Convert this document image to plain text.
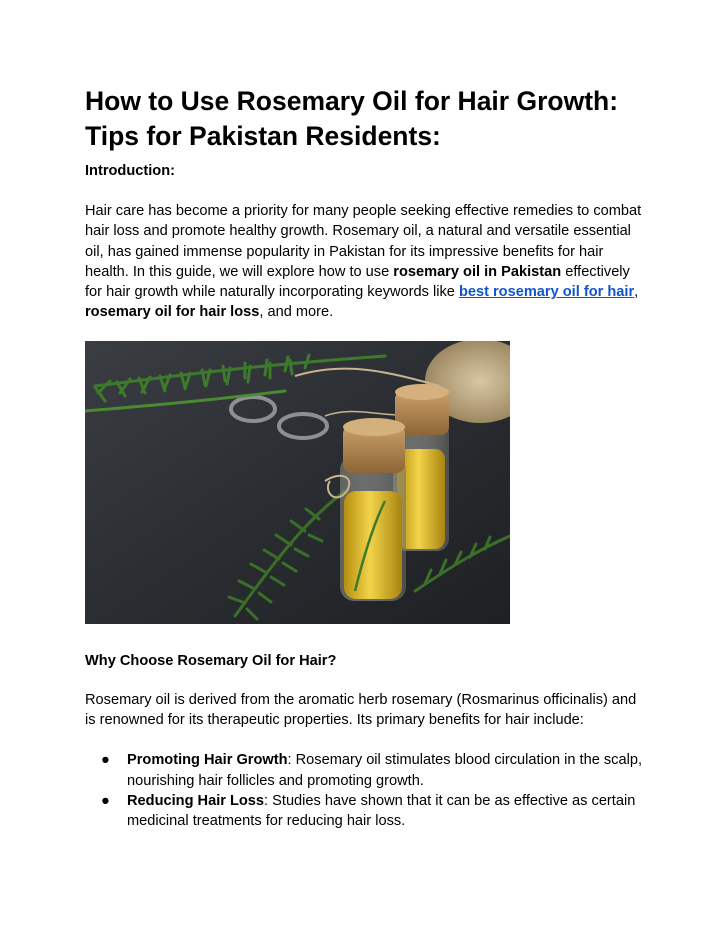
How to Use Rosemary Oil for Hair Growth: Tips for Pakistan Residents:
Introduction:

Hair care has become a priority for many people seeking effective remedies to combat hair loss and promote healthy growth. Rosemary oil, a natural and versatile essential oil, has gained immense popularity in Pakistan for its impressive benefits for hair health. In this guide, we will explore how to use rosemary oil in Pakistan effectively for hair growth while naturally incorporating keywords like best rosemary oil for hair, rosemary oil for hair loss, and more.

Why Choose Rosemary Oil for Hair?

Rosemary oil is derived from the aromatic herb rosemary (Rosmarinus officinalis) and is renowned for its therapeutic properties. Its primary benefits for hair include:

● Promoting Hair Growth: Rosemary oil stimulates blood circulation in the scalp, nourishing hair follicles and promoting growth.
● Reducing Hair Loss: Studies have shown that it can be as effective as certain medicinal treatments for reducing hair loss.
